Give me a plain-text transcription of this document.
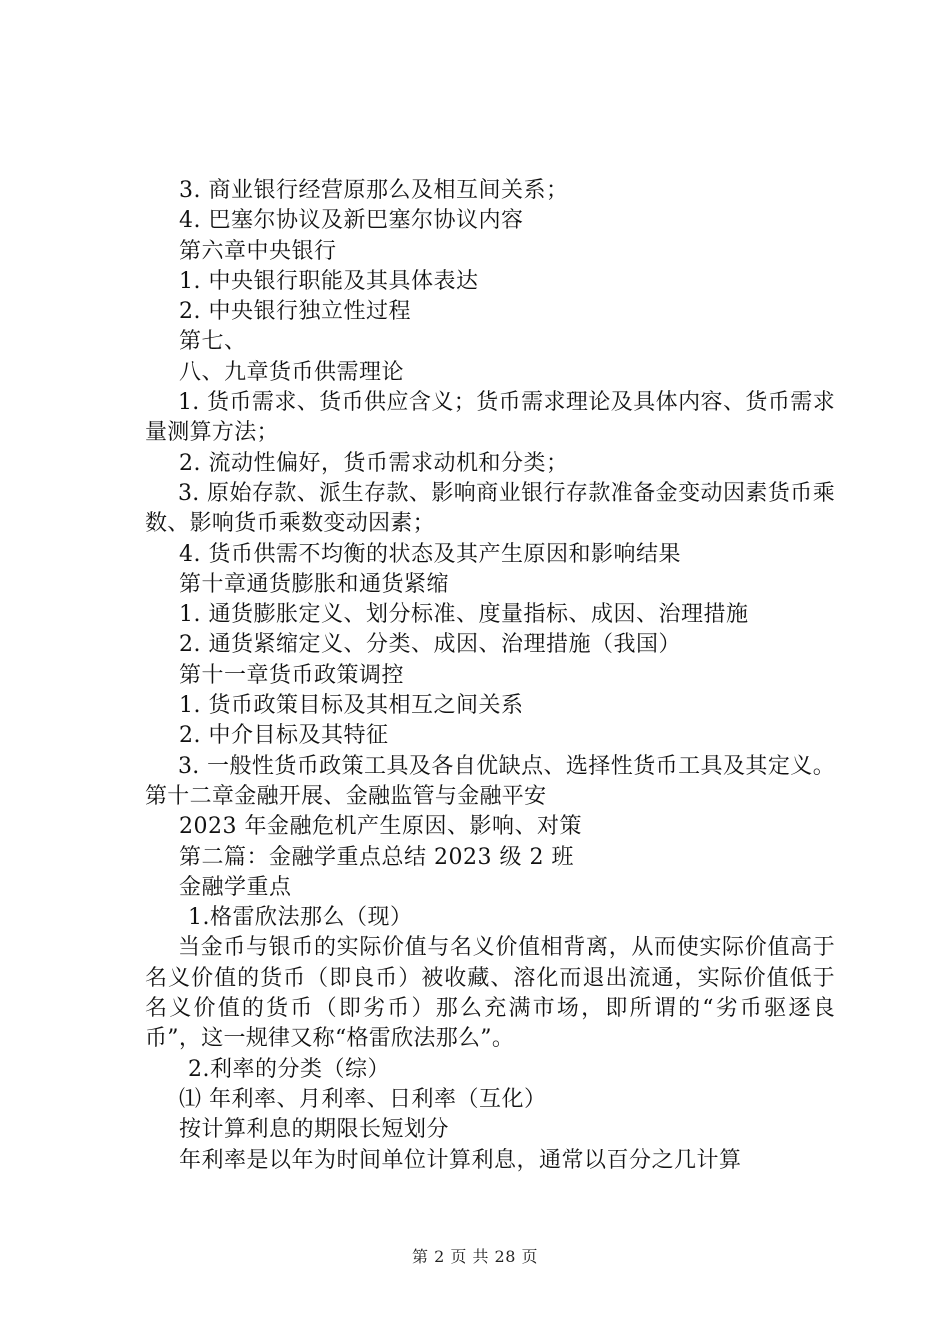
3. 商业银行经营原那么及相互间关系；
4. 巴塞尔协议及新巴塞尔协议内容
第六章中央银行
1. 中央银行职能及其具体表达
2. 中央银行独立性过程
第七、
八、九章货币供需理论
1. 货币需求、货币供应含义；货币需求理论及具体内容、货币需求量测算方法；
2. 流动性偏好，货币需求动机和分类；
3. 原始存款、派生存款、影响商业银行存款准备金变动因素货币乘数、影响货币乘数变动因素；
4. 货币供需不均衡的状态及其产生原因和影响结果
第十章通货膨胀和通货紧缩
1. 通货膨胀定义、划分标准、度量指标、成因、治理措施
2. 通货紧缩定义、分类、成因、治理措施（我国）
第十一章货币政策调控
1. 货币政策目标及其相互之间关系
2. 中介目标及其特征
3. 一般性货币政策工具及各自优缺点、选择性货币工具及其定义。第十二章金融开展、金融监管与金融平安
2023 年金融危机产生原因、影响、对策
第二篇：金融学重点总结 2023 级 2 班
金融学重点
1.格雷欣法那么（现）
当金币与银币的实际价值与名义价值相背离，从而使实际价值高于名义价值的货币（即良币）被收藏、溶化而退出流通，实际价值低于名义价值的货币（即劣币）那么充满市场，即所谓的“劣币驱逐良币”，这一规律又称“格雷欣法那么”。
2.利率的分类（综）
⑴ 年利率、月利率、日利率（互化）
按计算利息的期限长短划分
年利率是以年为时间单位计算利息，通常以百分之几计算
第 2 页 共 28 页
